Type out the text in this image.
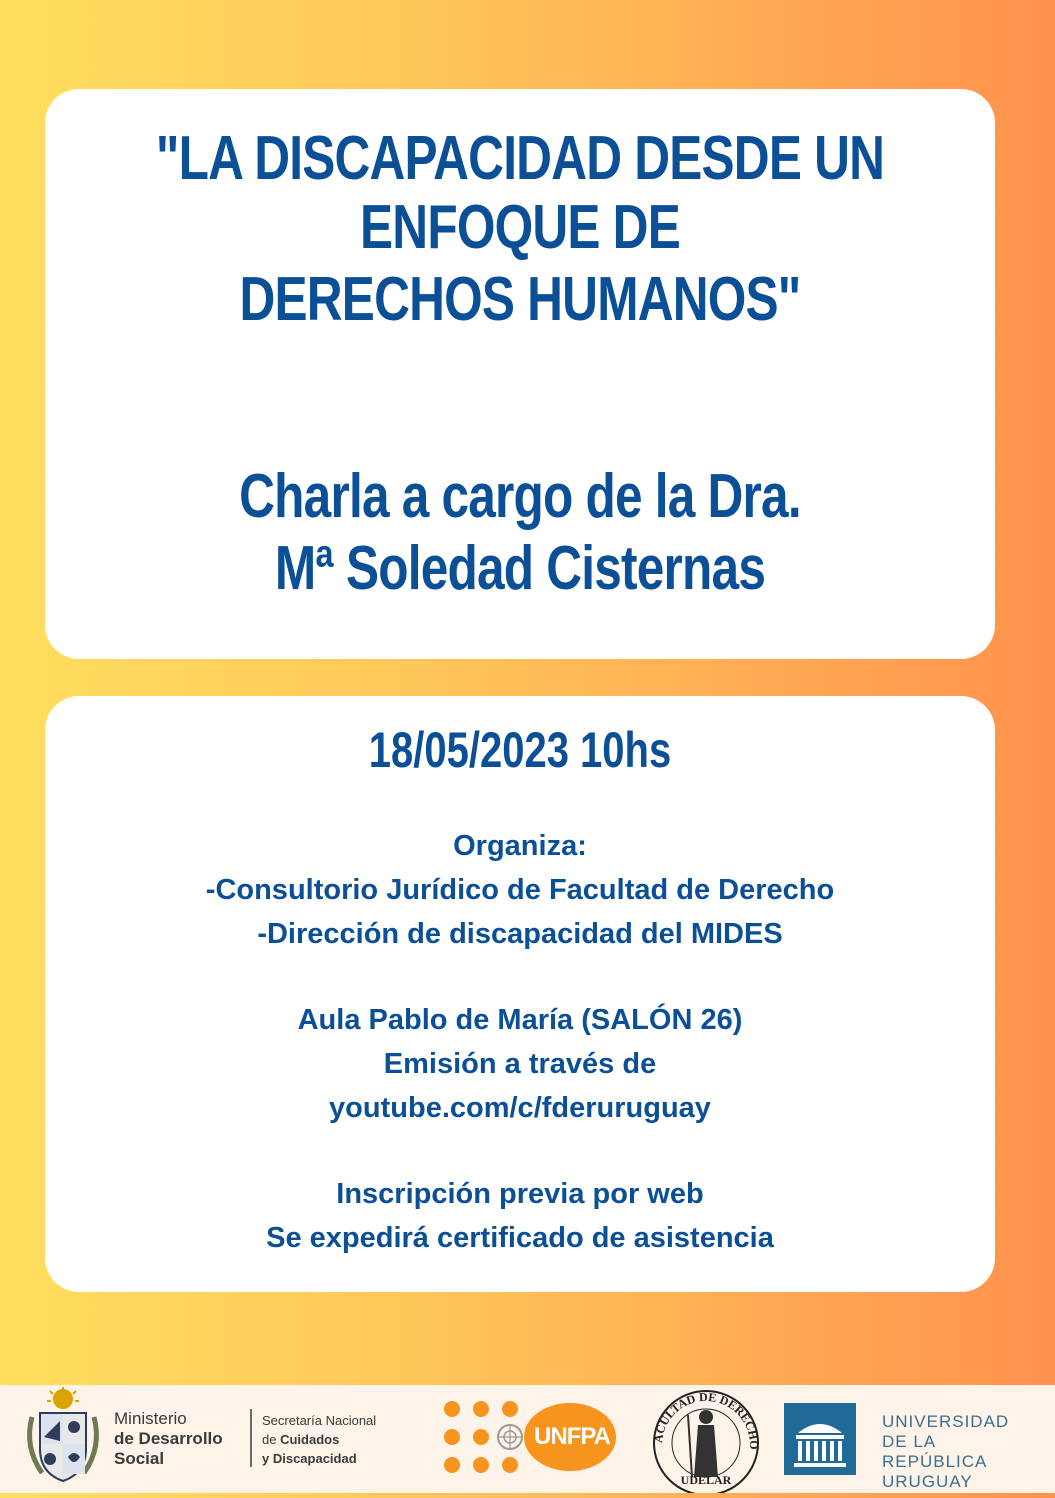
"LA DISCAPACIDAD DESDE UN
ENFOQUE DE
DERECHOS HUMANOS"
Charla a cargo de la Dra.
Mª Soledad Cisternas
18/05/2023 10hs
Organiza:
-Consultorio Jurídico de Facultad de Derecho
-Dirección de discapacidad del MIDES
Aula Pablo de María (SALÓN 26)
Emisión a través de
youtube.com/c/fderuruguay
Inscripción previa por web
Se expedirá certificado de asistencia
Ministerio
de Desarrollo
Social
Secretaría Nacional
de Cuidados
y Discapacidad
UNFPA	ACULTAD DE DERECHO
UDELAR
UNIVERSIDAD
DE LA REPÚBLICA
URUGUAY
